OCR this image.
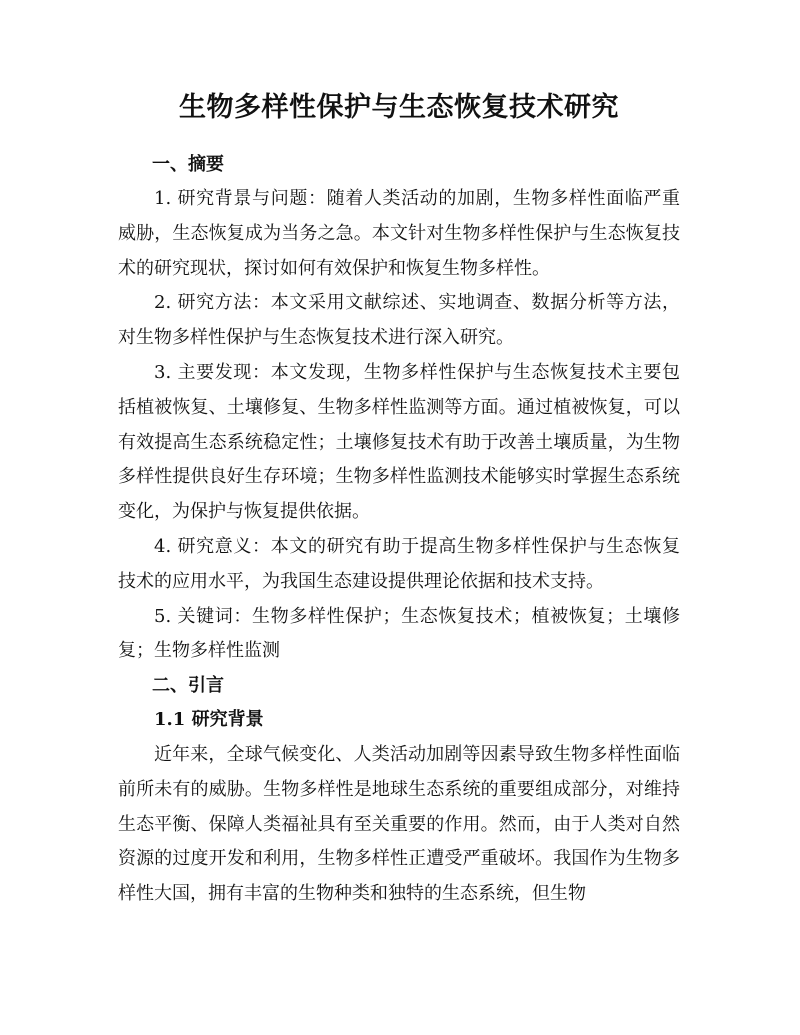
生物多样性保护与生态恢复技术研究
一、摘要

1. 研究背景与问题：随着人类活动的加剧，生物多样性面临严重威胁，生态恢复成为当务之急。本文针对生物多样性保护与生态恢复技术的研究现状，探讨如何有效保护和恢复生物多样性。

2. 研究方法：本文采用文献综述、实地调查、数据分析等方法，对生物多样性保护与生态恢复技术进行深入研究。

3. 主要发现：本文发现，生物多样性保护与生态恢复技术主要包括植被恢复、土壤修复、生物多样性监测等方面。通过植被恢复，可以有效提高生态系统稳定性；土壤修复技术有助于改善土壤质量，为生物多样性提供良好生存环境；生物多样性监测技术能够实时掌握生态系统变化，为保护与恢复提供依据。

4. 研究意义：本文的研究有助于提高生物多样性保护与生态恢复技术的应用水平，为我国生态建设提供理论依据和技术支持。

5. 关键词：生物多样性保护；生态恢复技术；植被恢复；土壤修复；生物多样性监测

二、引言
1.1 研究背景

近年来，全球气候变化、人类活动加剧等因素导致生物多样性面临前所未有的威胁。生物多样性是地球生态系统的重要组成部分，对维持生态平衡、保障人类福祉具有至关重要的作用。然而，由于人类对自然资源的过度开发和利用，生物多样性正遭受严重破坏。我国作为生物多样性大国，拥有丰富的生物种类和独特的生态系统，但生物
